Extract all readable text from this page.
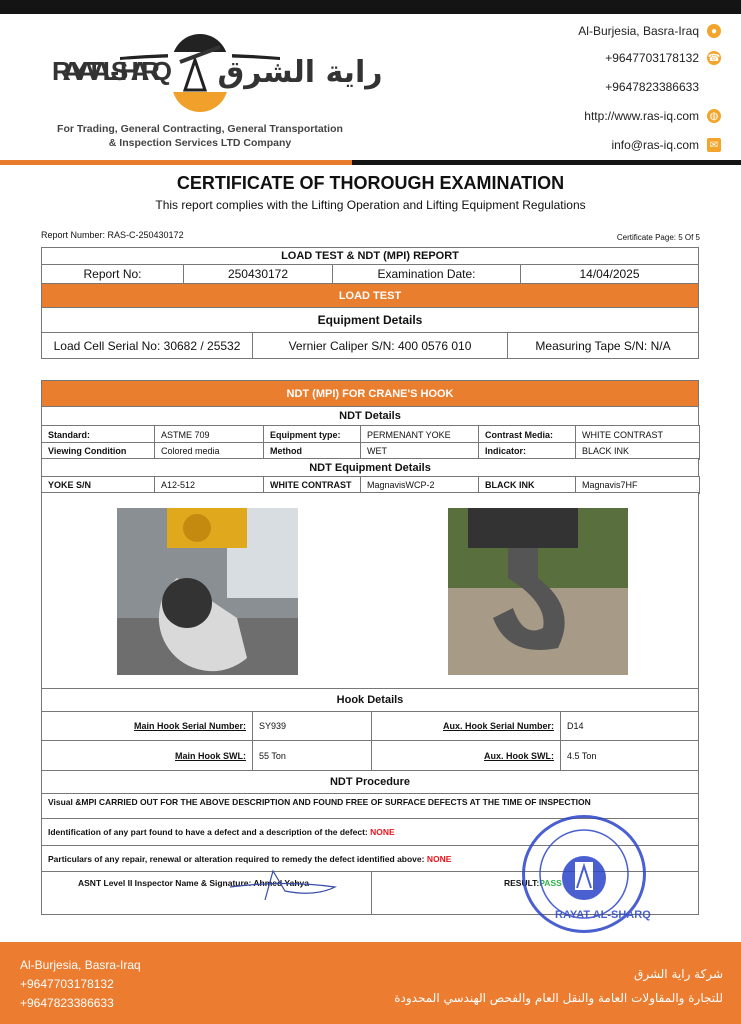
RAYAT AL-SHARQ راية الشرق
For Trading, General Contracting, General Transportation
& Inspection Services LTD Company
Al-Burjesia, Basra-Iraq	●
+9647703178132 ☎
+9647823386633
http://www.ras-iq.com ◍
info@ras-iq.com ✉
CERTIFICATE OF THOROUGH EXAMINATION
This report complies with the Lifting Operation and Lifting Equipment Regulations
Report Number: RAS-C-250430172	Certificate Page: 5 Of 5
LOAD TEST & NDT (MPI) REPORT
Report No:	250430172	Examination Date:	14/04/2025
LOAD TEST
Equipment Details
Load Cell Serial No: 30682 / 25532	Vernier Caliper S/N: 400 0576 010	Measuring Tape S/N: N/A
NDT (MPI) FOR CRANE'S HOOK
NDT Details
Standard:	ASTME 709	Equipment type:	PERMENANT YOKE	Contrast Media:	WHITE CONTRAST
Viewing Condition	Colored media	Method	WET	Indicator:	BLACK INK
YOKE S/N	A12-512	WHITE CONTRAST	MagnavisWCP-2	BLACK INK	Magnavis7HF
NDT Equipment Details
Hook Details
Main Hook Serial Number:	SY939	Aux. Hook Serial Number:	D14
Main Hook SWL:	55 Ton	Aux. Hook SWL:	4.5 Ton
NDT Procedure
Visual &MPI CARRIED OUT FOR THE ABOVE DESCRIPTION AND FOUND FREE OF SURFACE DEFECTS AT THE TIME OF INSPECTION
Identification of any part found to have a defect and a description of the defect:
NONE
Particulars of any repair, renewal or alteration required to remedy the defect identified above:
NONE
ASNT Level II Inspector Name & Signature: Ahmed Yahya	RESULT: PASS
RAYAT AL-SHARQ
Al-Burjesia, Basra-Iraq
+9647703178132
+9647823386633
شركة راية الشرق
للتجارة والمقاولات العامة والنقل العام والفحص الهندسي المحدودة
